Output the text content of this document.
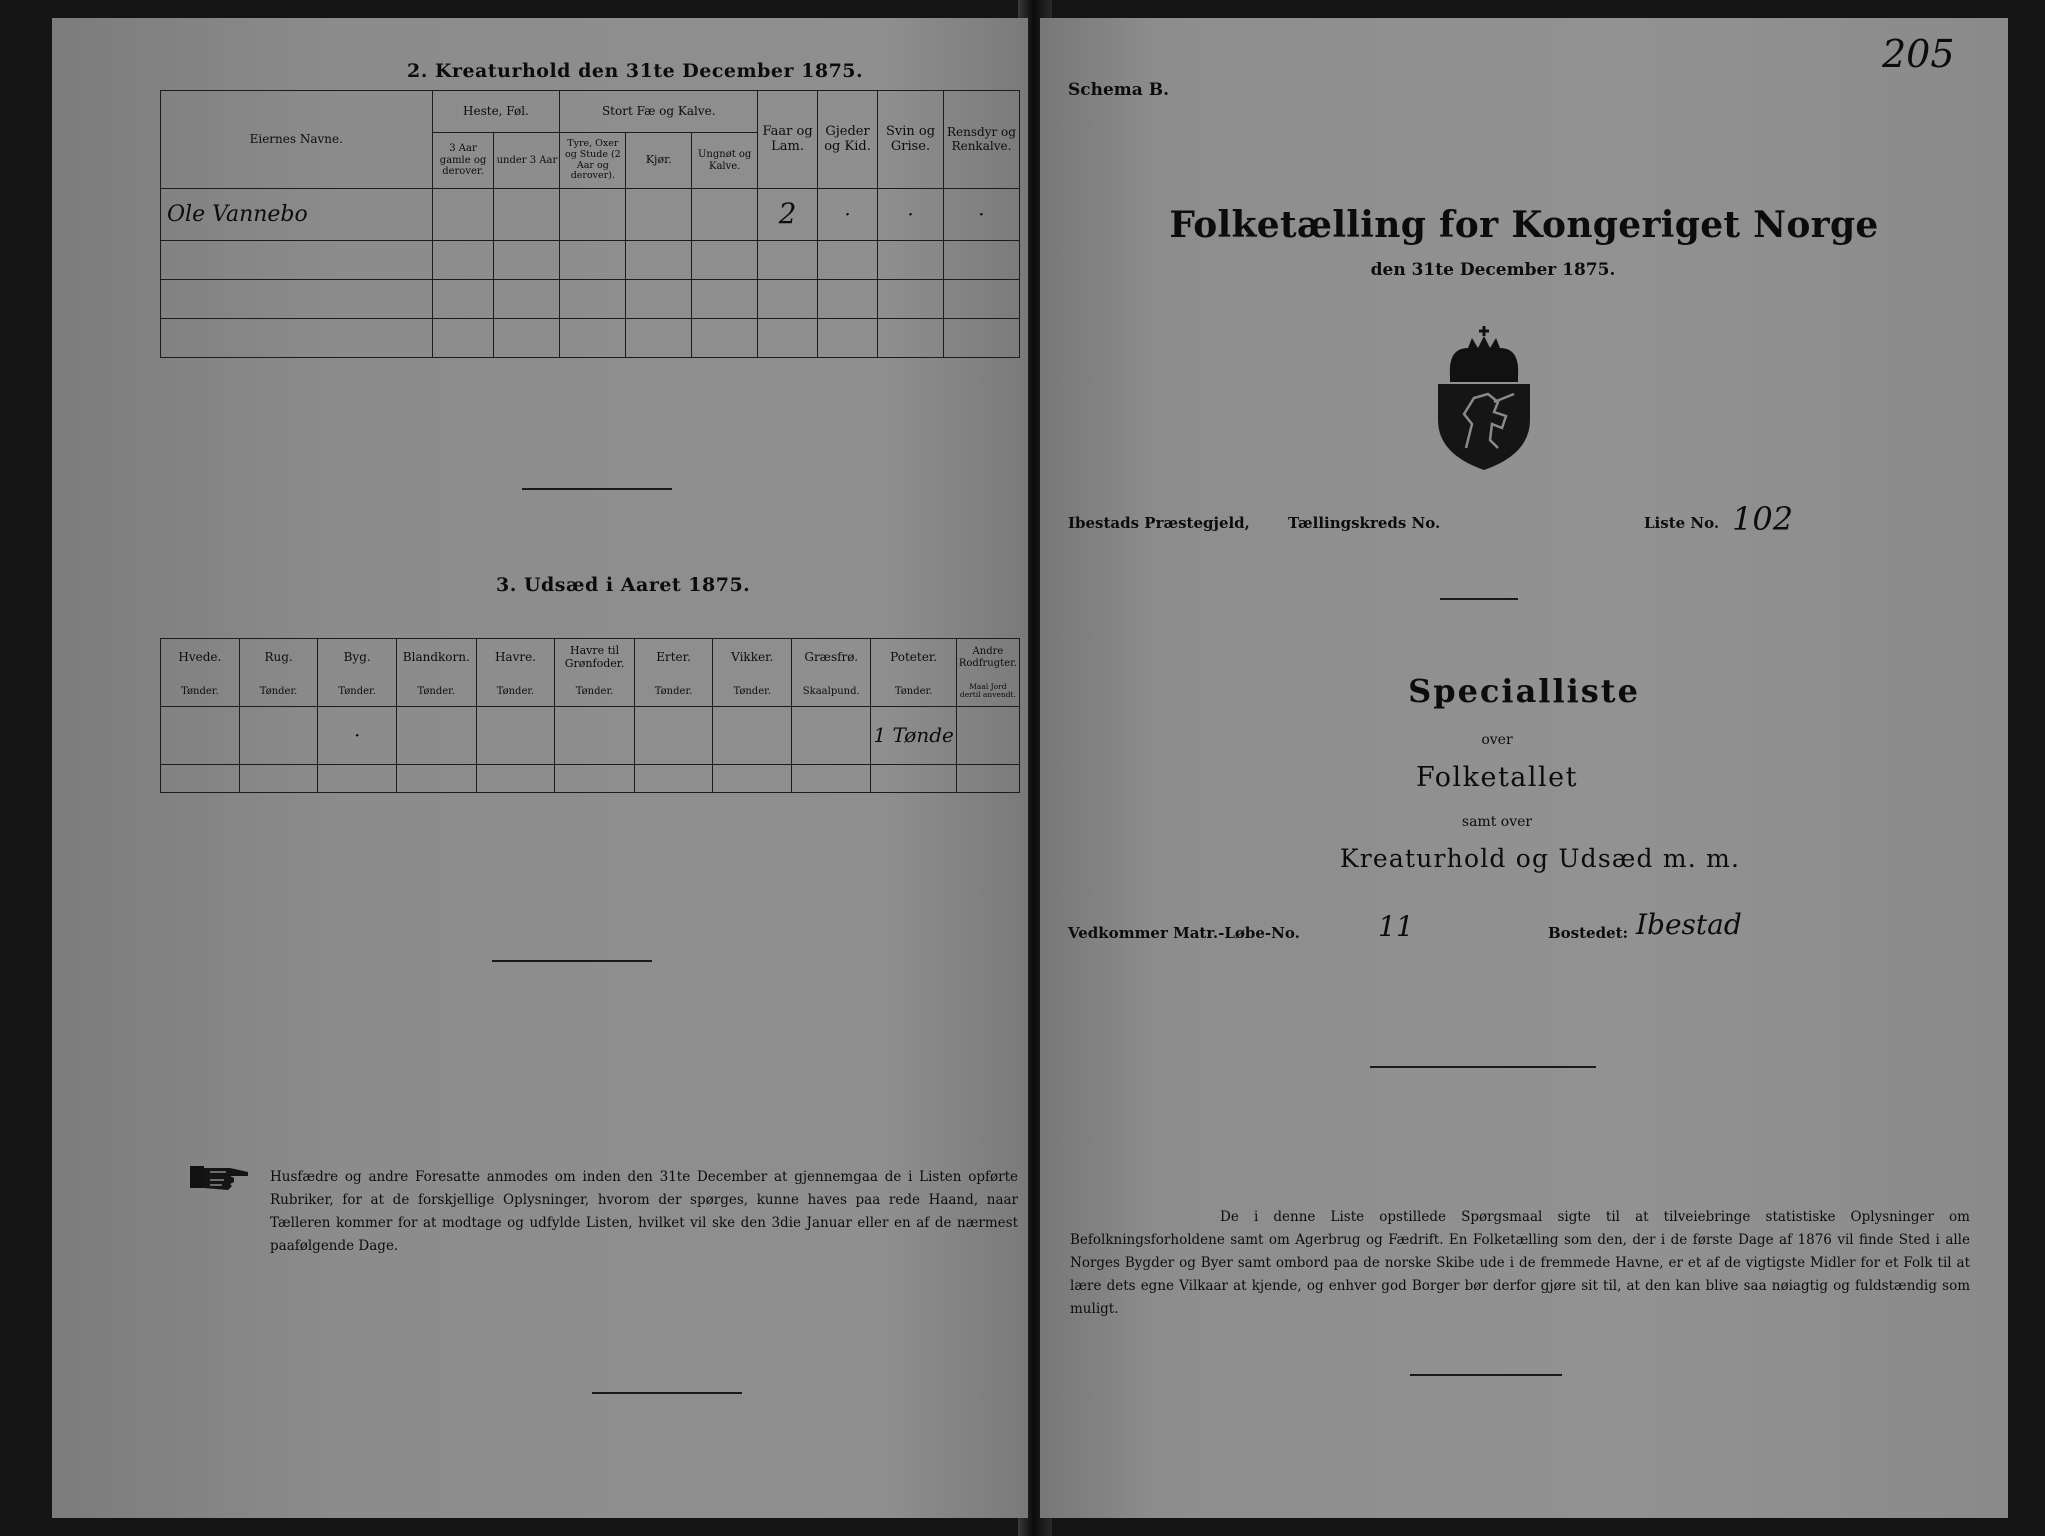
2. Kreaturhold den 31te December 1875.
Eiernes Navne.	Heste, Føl.		Stort Fæ og Kalve.			Faar og Lam.	Gjeder og Kid.	Svin og Grise.	Rensdyr og Renkalve.
	3 Aar gamle og derover.	under 3 Aar	Tyre, Oxer og Stude (2 Aar og derover).	Kjør.	Ungnøt og Kalve.				
Ole Vannebo						2	·	·	·

3. Udsæd i Aaret 1875.
Hvede.	Rug.	Byg.	Blandkorn.	Havre.	Havre til Grønfoder.	Erter.	Vikker.	Græsfrø.	Poteter.	Andre Rodfrugter.
Tønder.	Tønder.	Tønder.	Tønder.	Tønder.	Tønder.	Tønder.	Tønder.	Skaalpund.	Tønder.	Maal Jord dertil anvendt.
		·							1 Tønde	

Husfædre og andre Foresatte anmodes om inden den 31te December at gjennemgaa de i Listen opførte Rubriker, for at de forskjellige Oplysninger, hvorom der spørges, kunne haves paa rede Haand, naar Tælleren kommer for at modtage og udfylde Listen, hvilket vil ske den 3die Januar eller en af de nærmest paafølgende Dage.
205
Schema B.
Folketælling for Kongeriget Norge
den 31te December 1875.
Ibestads Præstegjeld,	Tællingskreds No.	Liste No. 102
Specialliste
over
Folketallet
samt over
Kreaturhold og Udsæd m. m.
Vedkommer Matr.-Løbe-No.	11	Bostedet: Ibestad
De i denne Liste opstillede Spørgsmaal sigte til at tilveiebringe statistiske Oplysninger om Befolkningsforholdene samt om Agerbrug og Fædrift. En Folketælling som den, der i de første Dage af 1876 vil finde Sted i alle Norges Bygder og Byer samt ombord paa de norske Skibe ude i de fremmede Havne, er et af de vigtigste Midler for et Folk til at lære dets egne Vilkaar at kjende, og enhver god Borger bør derfor gjøre sit til, at den kan blive saa nøiagtig og fuldstændig som muligt.
